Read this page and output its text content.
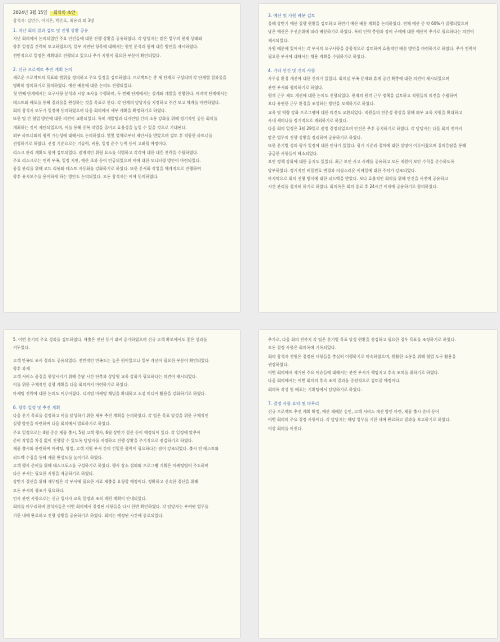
2024년 3월 15일 회의록 초안
참석자: 김민수, 이지은, 박준호, 최유리 외 3명
1. 지난 회의 결과 검토 및 진행 상황 공유
지난 회의에서 논의되었던 주요 안건들에 대한 진행 상황을 공유하였다. 각 담당자는 맡은 업무의 현재 상태와
향후 일정을 간략히 보고하였으며, 일부 지연된 항목에 대해서는 원인 분석과 함께 대응 방안을 제시하였다.
전반적으로 일정은 계획대로 진행되고 있으나 추가 지원이 필요한 부분이 확인되었다.
2. 신규 프로젝트 추진 계획 논의
새로운 프로젝트의 목표와 범위를 정의하고 주요 일정을 검토하였다. 프로젝트는 총 세 단계로 구성되며 각 단계별 결과물을
명확히 정의하기로 합의하였다. 예산 배분에 대한 논의도 진행되었다.
첫 번째 단계에서는 요구사항 분석과 시장 조사를 수행하며, 두 번째 단계에서는 설계와 개발을 진행한다. 마지막 단계에서는
테스트와 배포를 통해 결과물을 완성하는 것을 목표로 한다. 각 단계의 담당자를 지정하고 주간 보고 체계를 마련하였다.
회의 참석자 모두가 일정에 동의하였으며 다음 회의에서 세부 계획을 확정하기로 하였다.
또한 팀 간 협업 방안에 대한 의견이 교환되었다. 특히 개발팀과 디자인팀 간의 소통 강화를 위해 정기적인 공동 회의를
개최하는 것이 제안되었으며, 이를 통해 중복 작업을 줄이고 효율성을 높일 수 있을 것으로 기대된다.
외부 파트너와의 협력 가능성에 대해서도 논의하였다. 몇몇 업체로부터 제안서를 받았으며 검토 후 적합한 파트너를
선정하기로 하였다. 선정 기준으로는 기술력, 비용, 일정 준수 능력 등이 고려될 예정이다.
리스크 관리 계획도 함께 검토되었다. 잠재적인 위험 요소를 식별하고 각각에 대한 대응 전략을 수립하였다.
주요 리스크로는 인력 부족, 일정 지연, 예산 초과 등이 언급되었으며 이에 대한 모니터링 방안이 마련되었다.
품질 관리를 위해 코드 리뷰와 테스트 자동화를 강화하기로 하였다. 또한 문서화 작업을 체계적으로 진행하여
향후 유지보수를 용이하게 하는 방안도 논의되었다. 모든 참석자는 이에 동의하였다.
3. 예산 및 자원 배분 검토
올해 상반기 예산 집행 현황을 검토하고 하반기 예산 배분 계획을 논의하였다. 전체 예산 중 약 60%가 집행되었으며
남은 예산은 우선순위에 따라 배분하기로 하였다. 특히 인력 충원과 장비 구매에 대한 예산이 추가로 필요하다는 의견이
제시되었다.
자원 배분에 있어서는 각 부서의 요구사항을 종합적으로 검토하여 효율적인 배분 방안을 마련하기로 하였다. 추가 인력이
필요한 부서에 대해서는 채용 계획을 수립하기로 하였다.
4. 기타 안건 및 건의 사항
사무실 환경 개선에 대한 건의가 있었다. 회의실 부족 문제와 휴게 공간 확충에 대한 의견이 제시되었으며
관련 부서와 협의하기로 하였다.
원격 근무 제도 개선에 대한 논의도 진행되었다. 현재의 원격 근무 정책을 검토하고 직원들의 의견을 수렴하여
보다 유연한 근무 환경을 조성하는 방안을 모색하기로 하였다.
교육 및 역량 강화 프로그램에 대한 의견도 교환되었다. 직원들의 전문성 향상을 위해 외부 교육 지원을 확대하고
사내 세미나를 정기적으로 개최하기로 하였다.
다음 회의 일정은 3월 29일로 잠정 결정되었으며 안건은 추후 공지하기로 하였다. 각 담당자는 다음 회의 전까지
맡은 업무의 진행 상황을 정리하여 공유하기로 하였다.
또한 분기별 성과 평가 일정에 대한 안내가 있었다. 평가 기준과 절차에 대한 설명이 이루어졌으며 질의응답을 통해
궁금한 사항들이 해소되었다.
보안 정책 강화에 대한 공지도 있었다. 최근 보안 사고 사례를 공유하고 모든 직원이 보안 수칙을 준수하도록
당부하였다. 정기적인 비밀번호 변경과 의심스러운 이메일에 대한 주의가 강조되었다.
마지막으로 회의 진행 방식에 대한 피드백을 받았다. 보다 효율적인 회의를 위해 안건을 사전에 공유하고
시간 관리를 철저히 하기로 하였다. 회의록은 회의 종료 후 24시간 이내에 공유하기로 합의하였다.
5. 이번 분기의 주요 성과를 검토하였다. 매출은 전년 동기 대비 증가하였으며 신규 고객 확보에서도 좋은 성과를
거두었다.
고객 만족도 조사 결과도 공유되었다. 전반적인 만족도는 높은 편이었으나 일부 개선이 필요한 부분이 확인되었다.
향후 과제
고객 서비스 품질을 향상시키기 위해 응답 시간 단축과 상담원 교육 강화가 필요하다는 의견이 제시되었다.
이를 위한 구체적인 실행 계획을 다음 회의까지 마련하기로 하였다.
마케팅 전략에 대한 논의도 이루어졌다. 디지털 마케팅 채널을 확대하고 소셜 미디어 활용을 강화하기로 하였다.
6. 향후 일정 및 추진 계획
다음 분기 목표를 설정하고 이를 달성하기 위한 세부 추진 계획을 논의하였다. 각 팀은 목표 달성을 위한 구체적인
실행 방안을 마련하여 다음 회의에서 발표하기로 하였다.
주요 일정으로는 4월 중순 제품 출시, 5월 고객 행사, 6월 상반기 결산 등이 예정되어 있다. 각 일정에 맞추어
준비 작업을 차질 없이 진행할 수 있도록 담당자를 지정하고 진행 상황을 주기적으로 점검하기로 하였다.
제품 출시와 관련하여 마케팅, 영업, 고객 지원 부서 간의 긴밀한 협력이 필요하다는 점이 강조되었다. 출시 전 테스트와
피드백 수집을 통해 제품 완성도를 높이기로 하였다.
고객 행사 준비를 위해 태스크포스를 구성하기로 하였다. 행사 장소 섭외와 프로그램 기획은 마케팅팀이 주도하며
다른 부서는 필요한 지원을 제공하기로 하였다.
상반기 결산을 위해 재무팀은 각 부서에 필요한 자료 제출을 요청할 예정이다. 정확하고 신속한 결산을 위해
모든 부서의 협조가 필요하다.
인사 관련 사항으로는 신규 입사자 교육 일정과 조직 개편 계획이 안내되었다.
회의를 마무리하며 참석자들은 이번 회의에서 결정된 사항들을 다시 한번 확인하였다. 각 담당자는 부여된 업무를
기한 내에 완료하고 진행 상황을 공유하기로 하였다. 회의는 예정된 시간에 종료되었다.
추가로, 다음 회의 전까지 각 팀은 분기별 목표 달성 현황을 점검하고 필요한 경우 목표를 조정하기로 하였다.
모든 결정 사항은 회의록에 기록되었다.
회의 참석자 전원은 결정된 사항들을 충실히 이행하기로 약속하였으며, 원활한 소통을 위해 협업 도구 활용을
권장하였다.
이번 회의에서 제기된 주요 이슈들에 대해서는 관련 부서가 책임지고 후속 조치를 취하기로 하였다.
다음 회의에서는 이번 회의의 후속 조치 결과를 중점적으로 검토할 예정이다.
회의록 작성 및 배포는 기획팀에서 담당하기로 하였다.
7. 결정 사항 요약 및 마무리
신규 프로젝트 추진 계획 확정, 예산 재배분 승인, 고객 서비스 개선 방안 마련, 제품 출시 준비 등이
이번 회의의 주요 결정 사항이다. 각 담당자는 해당 업무를 기한 내에 완료하고 결과를 보고하기로 하였다.
이상 회의를 마친다.
